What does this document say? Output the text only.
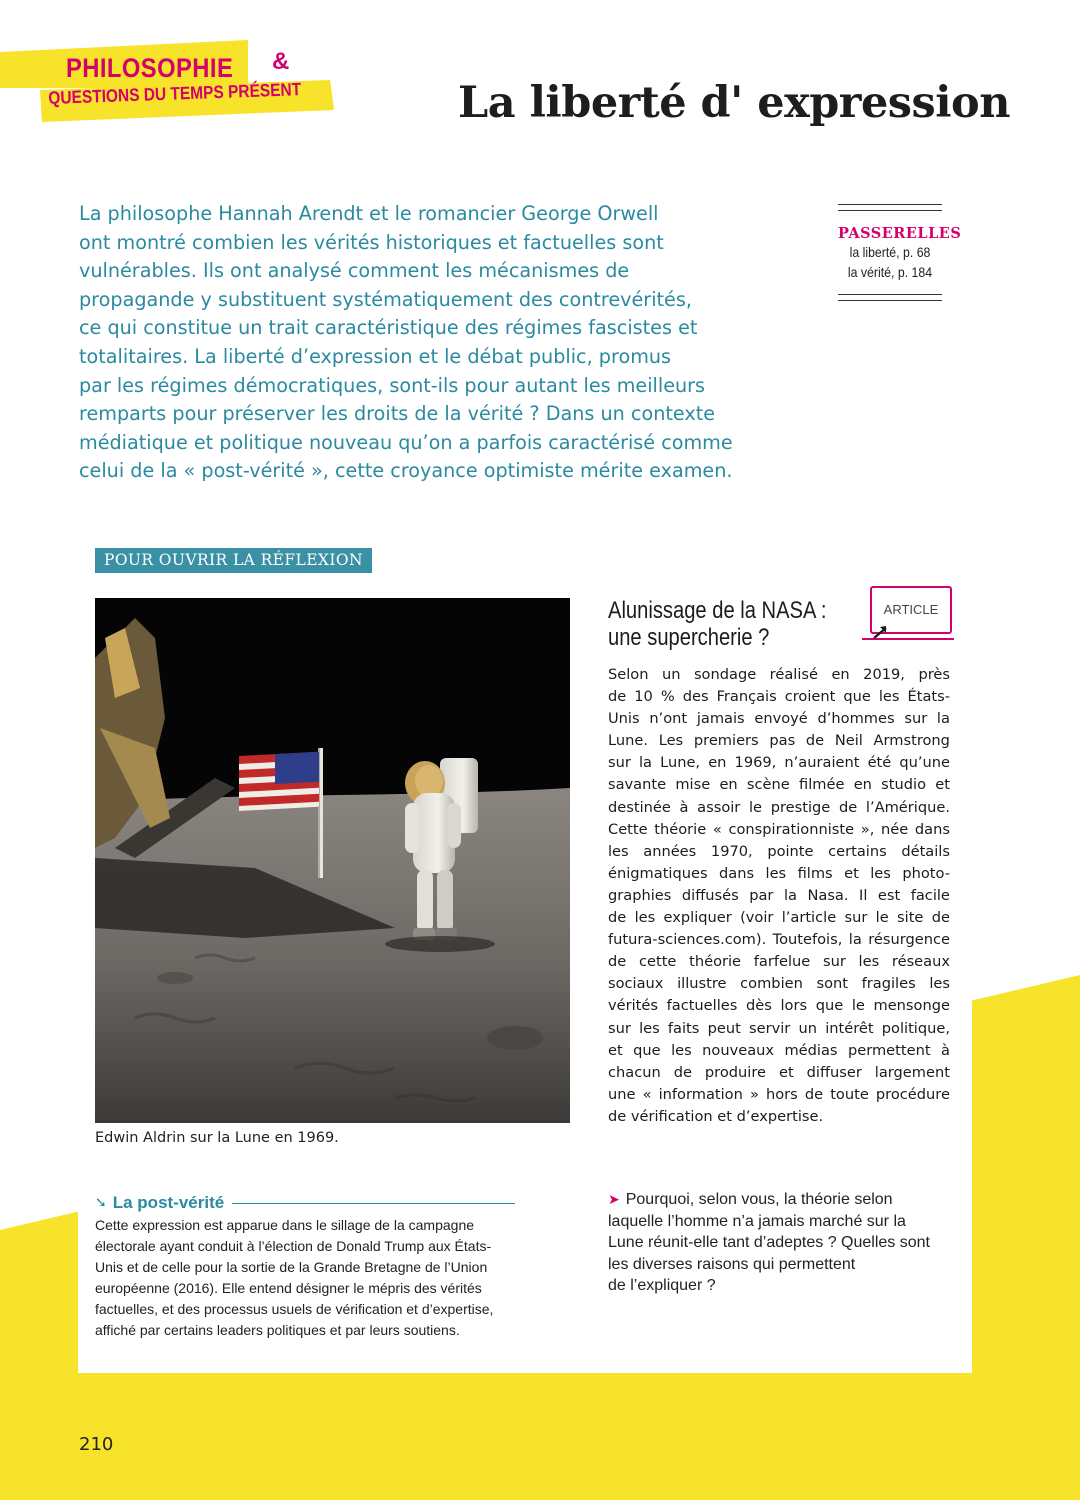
PHILOSOPHIE &
QUESTIONS DU TEMPS PRÉSENT	La liberté d' expression
La philosophe Hannah Arendt et le romancier George Orwell
ont montré combien les vérités historiques et factuelles sont
vulnérables. Ils ont analysé comment les mécanismes de
propagande y substituent systématiquement des contrevérités,
ce qui constitue un trait caractéristique des régimes fascistes et
totalitaires. La liberté d’expression et le débat public, promus
par les régimes démocratiques, sont-ils pour autant les meilleurs
remparts pour préserver les droits de la vérité ? Dans un contexte
médiatique et politique nouveau qu’on a parfois caractérisé comme
celui de la « post-vérité », cette croyance optimiste mérite examen.
PASSERELLES
la liberté, p. 68
la vérité, p. 184
POUR OUVRIR LA RÉFLEXION
Edwin Aldrin sur la Lune en 1969.
Alunissage de la NASA :
une supercherie ?
ARTICLE
Selon un sondage réalisé en 2019, près
de 10 % des Français croient que les États-
Unis n’ont jamais envoyé d’hommes sur la
Lune. Les premiers pas de Neil Armstrong
sur la Lune, en 1969, n’auraient été qu’une
savante mise en scène filmée en studio et
destinée à assoir le prestige de l’Amérique.
Cette théorie « conspirationniste », née dans
les années 1970, pointe certains détails
énigmatiques dans les films et les photo-
graphies diffusés par la Nasa. Il est facile
de les expliquer (voir l’article sur le site de
futura-sciences.com). Toutefois, la résurgence
de cette théorie farfelue sur les réseaux
sociaux illustre combien sont fragiles les
vérités factuelles dès lors que le mensonge
sur les faits peut servir un intérêt politique,
et que les nouveaux médias permettent à
chacun de produire et diffuser largement
une « information » hors de toute procédure
de vérification et d’expertise.
➘ La post-vérité
Cette expression est apparue dans le sillage de la campagne
électorale ayant conduit à l’élection de Donald Trump aux États-
Unis et de celle pour la sortie de la Grande Bretagne de l’Union
européenne (2016). Elle entend désigner le mépris des vérités
factuelles, et des processus usuels de vérification et d’expertise,
affiché par certains leaders politiques et par leurs soutiens.
➤ Pourquoi, selon vous, la théorie selon
laquelle l’homme n’a jamais marché sur la
Lune réunit-elle tant d’adeptes ? Quelles sont
les diverses raisons qui permettent
de l’expliquer ?
210
